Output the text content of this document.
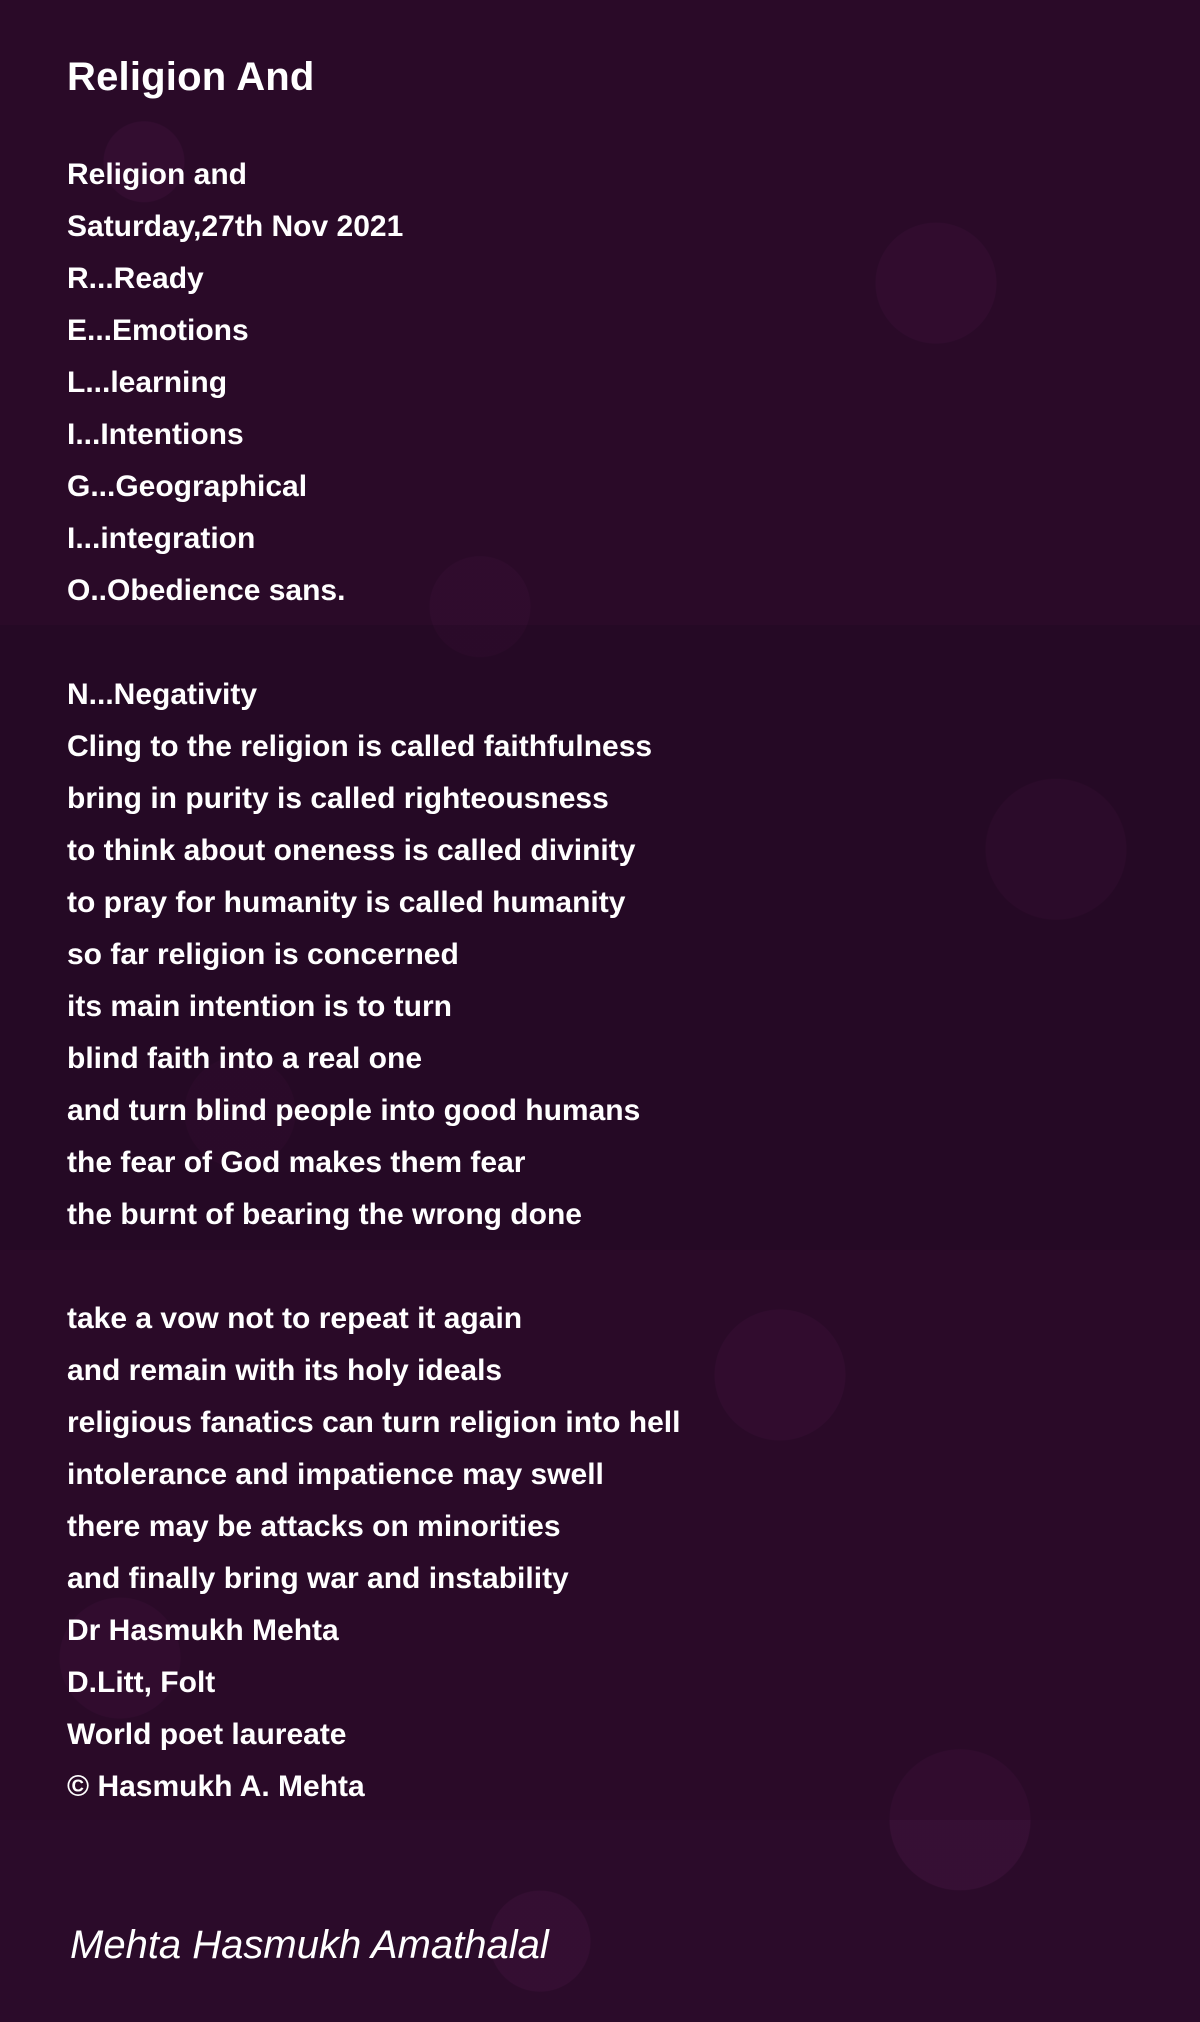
Religion And
Religion and
Saturday,27th Nov 2021
R...Ready
E...Emotions
L...learning
I...Intentions
G...Geographical
I...integration
O..Obedience sans.
N...Negativity
Cling to the religion is called faithfulness
bring in purity is called righteousness
to think about oneness is called divinity
to pray for humanity is called humanity
so far religion is concerned
its main intention is to turn
blind faith into a real one
and turn blind people into good humans
the fear of God makes them fear
the burnt of bearing the wrong done
take a vow not to repeat it again
and remain with its holy ideals
religious fanatics can turn religion into hell
intolerance and impatience may swell
there may be attacks on minorities
and finally bring war and instability
Dr Hasmukh Mehta
D.Litt, Folt
World poet laureate
© Hasmukh A. Mehta

Mehta Hasmukh Amathalal
